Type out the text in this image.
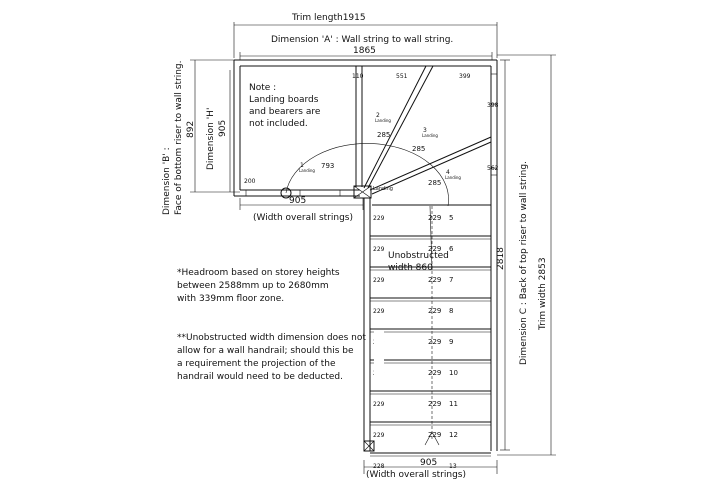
Trim length1915
Dimension 'A' : Wall string to wall string.
1865
Dimension 'B' : Face of bottom riser to wall string. 892 Dimension 'H' 905
Dimension C : Back of top riser to wall string.
2818	Trim width 2853
Note :
Landing boards
and bearers are
not included.
200
110	551	399
398
562
1
Landing
793
2
Landing
285
3
Landing
285
4
Landing
285
Landing
905
(Width overall strings)	229	229 5
229	229 6
229	229 7
229	229 8
229 9
229 10
229	229 11
229	229 12
228	13
Unobstructed
width 860
905
(Width overall strings)
*Headroom based on storey heights
between 2588mm up to 2680mm
with 339mm floor zone.
**Unobstructed width dimension does not
allow for a wall handrail; should this be
a requirement the projection of the
handrail would need to be deducted.
